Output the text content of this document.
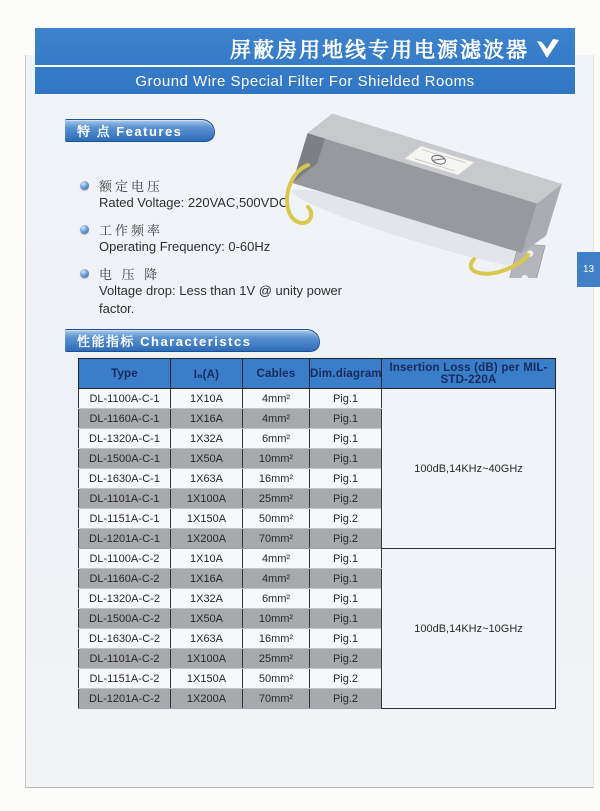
屏蔽房用地线专用电源滤波器
Ground Wire Special Filter For Shielded Rooms
特 点 Features
额定电压
Rated Voltage: 220VAC,500VDC
工作频率
Operating Frequency: 0-60Hz
电 压 降
Voltage drop: Less than 1V @ unity power factor.
13
性能指标 Characteristcs
Type	Iₙ(A)	Cables	Dim.diagram	Insertion Loss (dB) per MIL-STD-220A
DL-1100A-C-1	1X10A	4mm²	Pig.1	100dB,14KHz~40GHz
DL-1160A-C-1	1X16A	4mm²	Pig.1	
DL-1320A-C-1	1X32A	6mm²	Pig.1	
DL-1500A-C-1	1X50A	10mm²	Pig.1	
DL-1630A-C-1	1X63A	16mm²	Pig.1	
DL-1101A-C-1	1X100A	25mm²	Pig.2	
DL-1151A-C-1	1X150A	50mm²	Pig.2	
DL-1201A-C-1	1X200A	70mm²	Pig.2	
DL-1100A-C-2	1X10A	4mm²	Pig.1	100dB,14KHz~10GHz
DL-1160A-C-2	1X16A	4mm²	Pig.1	
DL-1320A-C-2	1X32A	6mm²	Pig.1	
DL-1500A-C-2	1X50A	10mm²	Pig.1	
DL-1630A-C-2	1X63A	16mm²	Pig.1	
DL-1101A-C-2	1X100A	25mm²	Pig.2	
DL-1151A-C-2	1X150A	50mm²	Pig.2	
DL-1201A-C-2	1X200A	70mm²	Pig.2	
